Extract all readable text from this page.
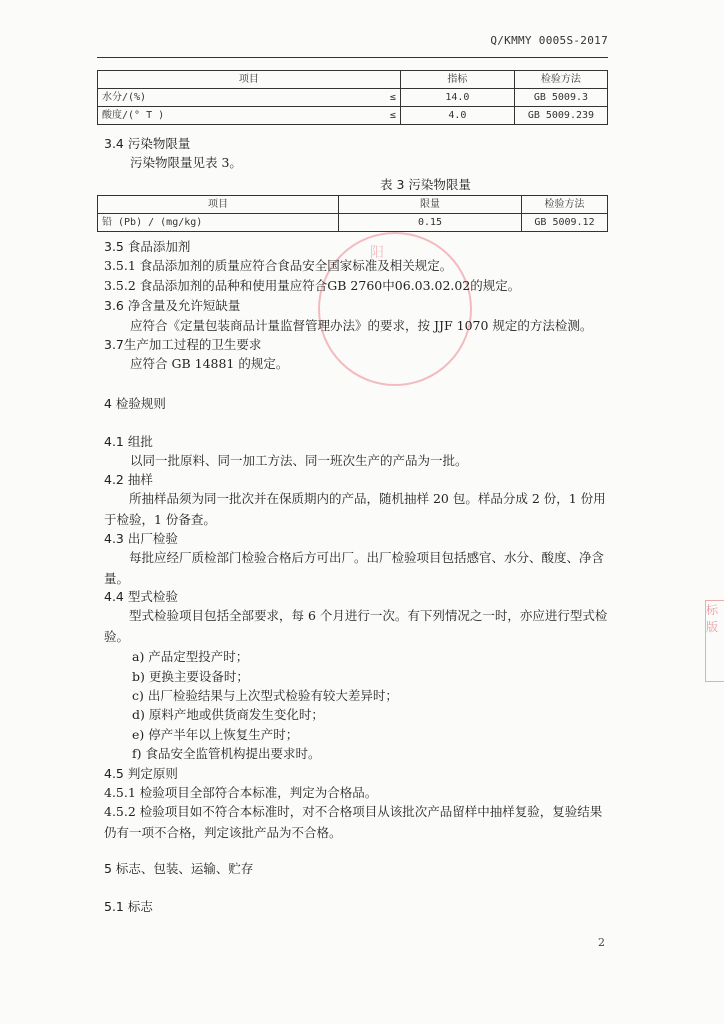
Q/KMMY 0005S-2017
项目		指标	检验方法
水分/(%)	≤	14.0	GB 5009.3
酸度/(° T )	≤	4.0	GB 5009.239
3.4 污染物限量
污染物限量见表 3。
表 3 污染物限量
项目	限量	检验方法
铅 (Pb) / (mg/kg)	0.15	GB 5009.12
阳
3.5 食品添加剂
3.5.1 食品添加剂的质量应符合食品安全国家标准及相关规定。
3.5.2 食品添加剂的品种和使用量应符合GB 2760中06.03.02.02的规定。
3.6 净含量及允许短缺量
应符合《定量包装商品计量监督管理办法》的要求，按 JJF 1070 规定的方法检测。
3.7生产加工过程的卫生要求
应符合 GB 14881 的规定。
4 检验规则
4.1 组批
以同一批原料、同一加工方法、同一班次生产的产品为一批。
4.2 抽样
所抽样品须为同一批次并在保质期内的产品，随机抽样 20 包。样品分成 2 份，1 份用于检验，1 份备查。
4.3 出厂检验
每批应经厂质检部门检验合格后方可出厂。出厂检验项目包括感官、水分、酸度、净含量。
4.4 型式检验
型式检验项目包括全部要求，每 6 个月进行一次。有下列情况之一时，亦应进行型式检验。
a) 产品定型投产时；
b) 更换主要设备时；
c) 出厂检验结果与上次型式检验有较大差异时；
d) 原料产地或供货商发生变化时；
e) 停产半年以上恢复生产时；
f) 食品安全监管机构提出要求时。
4.5 判定原则
4.5.1 检验项目全部符合本标准，判定为合格品。
4.5.2 检验项目如不符合本标准时，对不合格项目从该批次产品留样中抽样复验，复验结果仍有一项不合格，判定该批产品为不合格。
5 标志、包装、运输、贮存
5.1 标志
标版
2
